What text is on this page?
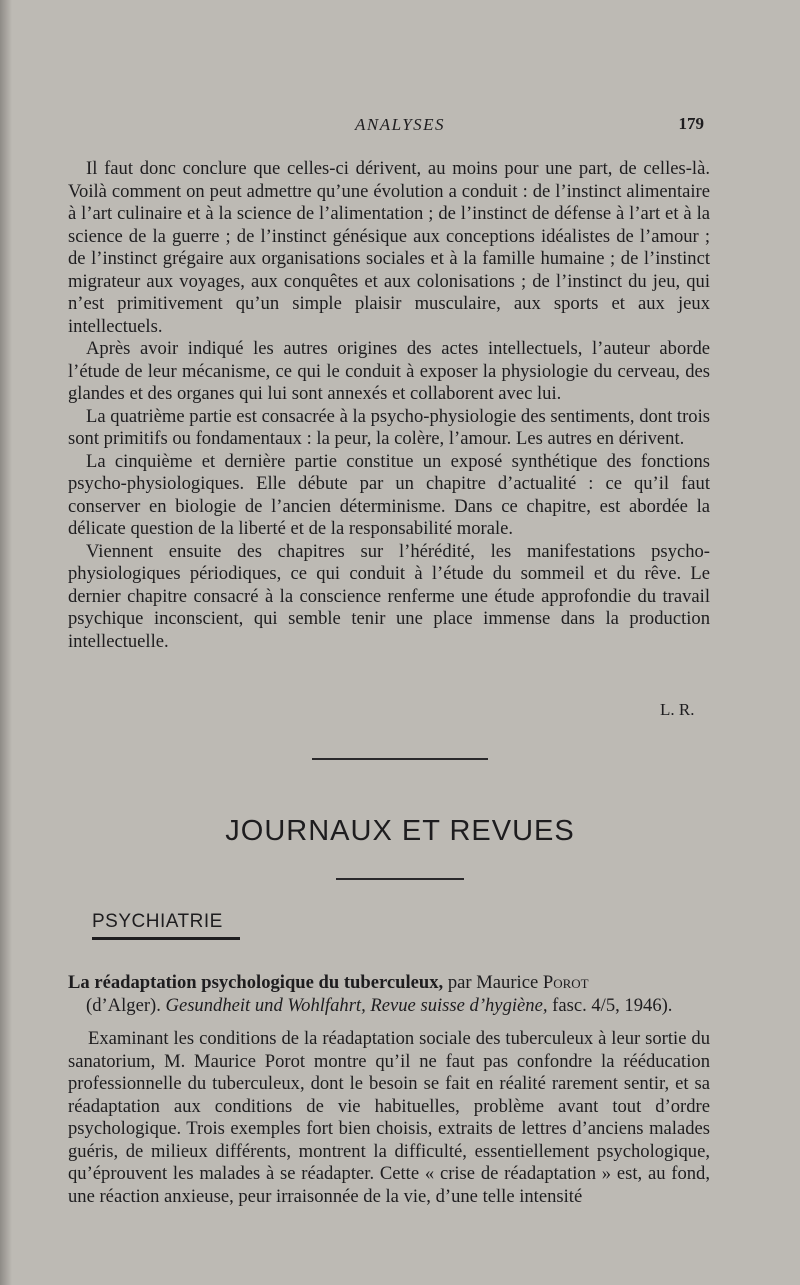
ANALYSES	179

Il faut donc conclure que celles-ci dérivent, au moins pour une part, de celles-là. Voilà comment on peut admettre qu’une évolution a conduit : de l’instinct alimentaire à l’art culinaire et à la science de l’alimentation ; de l’instinct de défense à l’art et à la science de la guerre ; de l’instinct génésique aux conceptions idéalistes de l’amour ; de l’instinct grégaire aux organisations sociales et à la famille humaine ; de l’instinct migrateur aux voyages, aux conquêtes et aux colonisations ; de l’instinct du jeu, qui n’est primitivement qu’un simple plaisir musculaire, aux sports et aux jeux intellectuels.

Après avoir indiqué les autres origines des actes intellectuels, l’auteur aborde l’étude de leur mécanisme, ce qui le conduit à exposer la physiologie du cerveau, des glandes et des organes qui lui sont annexés et collaborent avec lui.

La quatrième partie est consacrée à la psycho-physiologie des sentiments, dont trois sont primitifs ou fondamentaux : la peur, la colère, l’amour. Les autres en dérivent.

La cinquième et dernière partie constitue un exposé synthétique des fonctions psycho-physiologiques. Elle débute par un chapitre d’actualité : ce qu’il faut conserver en biologie de l’ancien déterminisme. Dans ce chapitre, est abordée la délicate question de la liberté et de la responsabilité morale.

Viennent ensuite des chapitres sur l’hérédité, les manifestations psycho-physiologiques périodiques, ce qui conduit à l’étude du sommeil et du rêve. Le dernier chapitre consacré à la conscience renferme une étude approfondie du travail psychique inconscient, qui semble tenir une place immense dans la production intellectuelle.

L. R.
JOURNAUX ET REVUES
PSYCHIATRIE
La réadaptation psychologique du tuberculeux, par Maurice Porot
(d’Alger). Gesundheit und Wohlfahrt, Revue suisse d’hygiène, fasc. 4/5, 1946).

Examinant les conditions de la réadaptation sociale des tuberculeux à leur sortie du sanatorium, M. Maurice Porot montre qu’il ne faut pas confondre la rééducation professionnelle du tuberculeux, dont le besoin se fait en réalité rarement sentir, et sa réadaptation aux conditions de vie habituelles, problème avant tout d’ordre psychologique. Trois exemples fort bien choisis, extraits de lettres d’anciens malades guéris, de milieux différents, montrent la difficulté, essentiellement psychologique, qu’éprouvent les malades à se réadapter. Cette « crise de réadaptation » est, au fond, une réaction anxieuse, peur irraisonnée de la vie, d’une telle intensité
